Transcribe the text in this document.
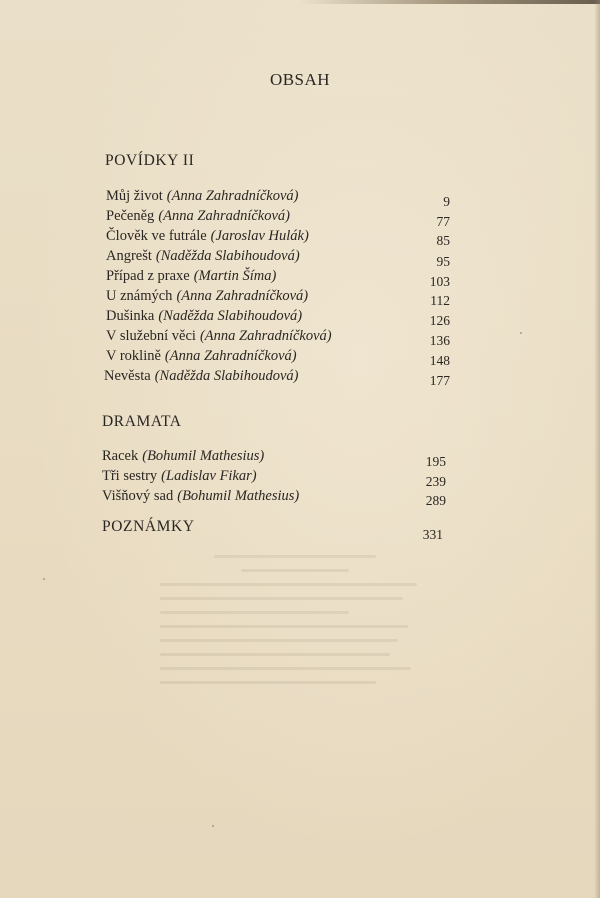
OBSAH
POVÍDKY II
Můj život (Anna Zahradníčková)	9
Pečeněg (Anna Zahradníčková)	77
Člověk ve futrále (Jaroslav Hulák)	85
Angrešt (Naděžda Slabihoudová)	95
Případ z praxe (Martin Šíma)	103
U známých (Anna Zahradníčková)	112
Dušinka (Naděžda Slabihoudová)	126
V služební věci (Anna Zahradníčková)	136
V roklině (Anna Zahradníčková)	148
Nevěsta (Naděžda Slabihoudová)	177
DRAMATA
Racek (Bohumil Mathesius)	195
Tři sestry (Ladislav Fikar)	239
Višňový sad (Bohumil Mathesius)	289
POZNÁMKY	331
